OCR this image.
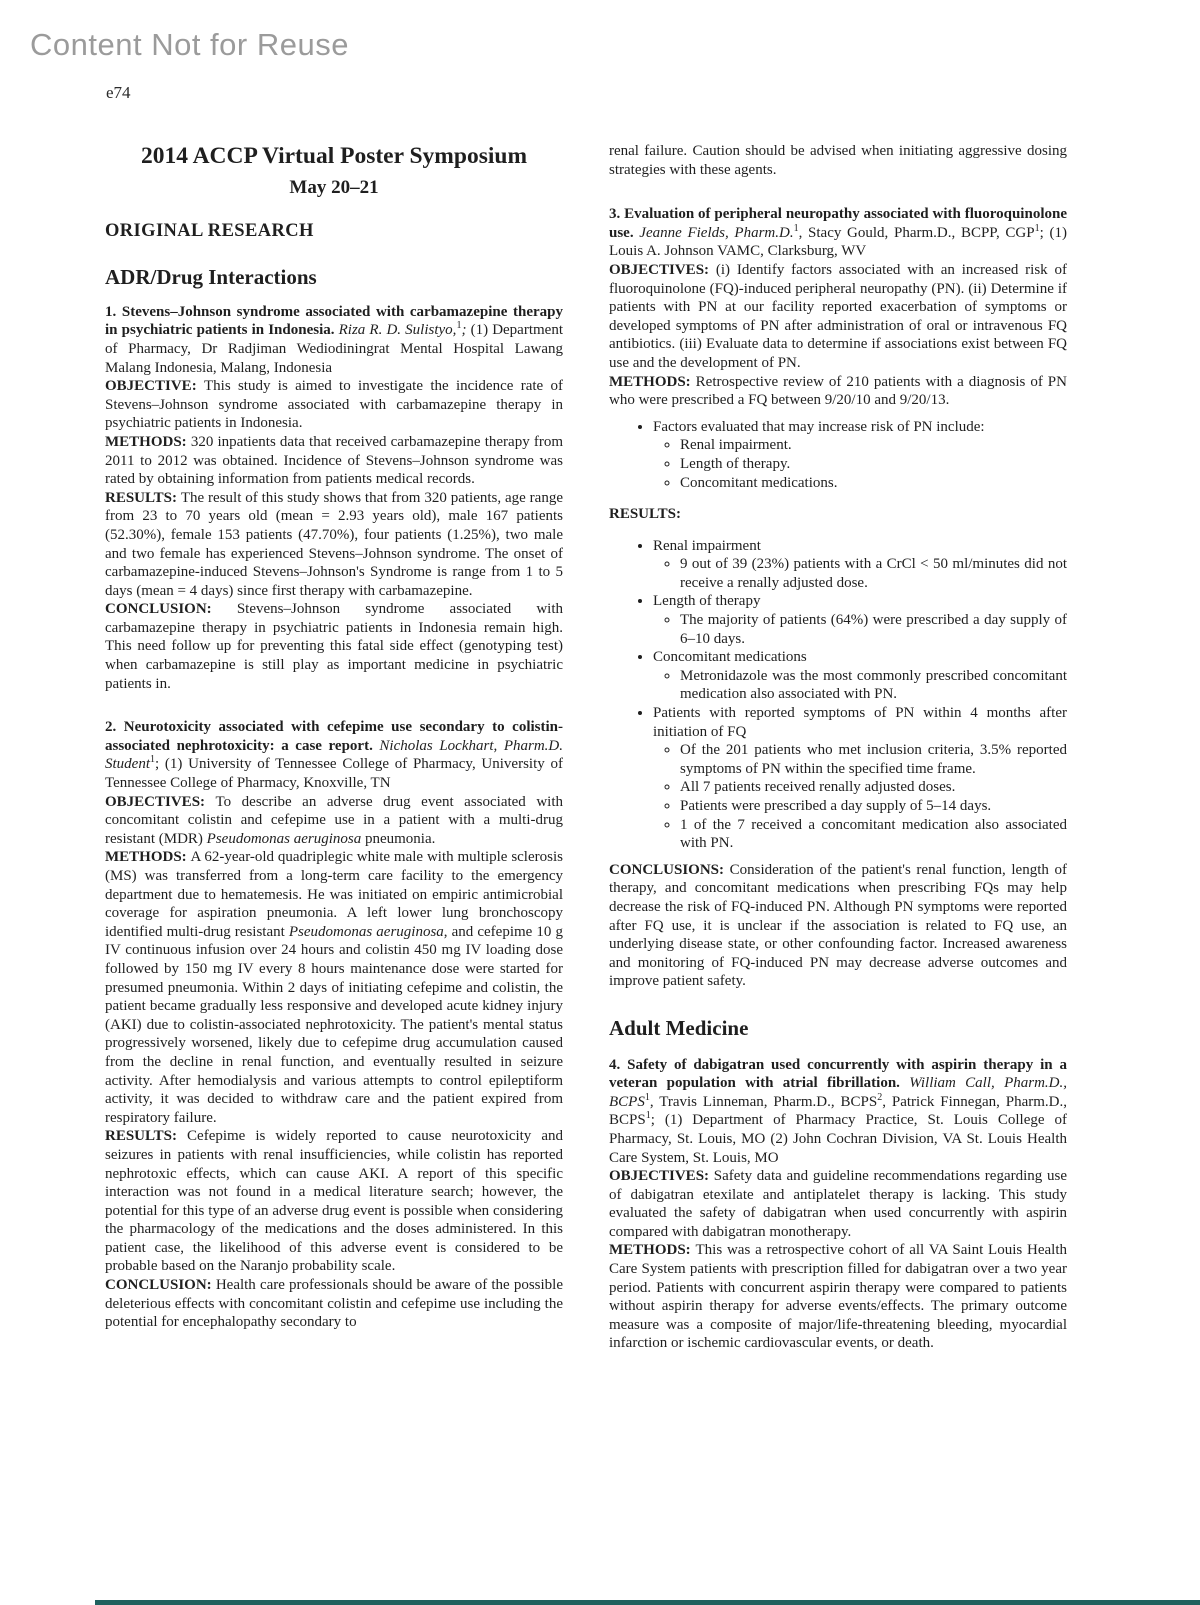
Content Not for Reuse
e74
2014 ACCP Virtual Poster Symposium
May 20–21
ORIGINAL RESEARCH
ADR/Drug Interactions

1. Stevens–Johnson syndrome associated with carbamazepine therapy in psychiatric patients in Indonesia. Riza R. D. Sulistyo,$^1$; (1) Department of Pharmacy, Dr Radjiman Wediodiningrat Mental Hospital Lawang Malang Indonesia, Malang, Indonesia

OBJECTIVE: This study is aimed to investigate the incidence rate of Stevens–Johnson syndrome associated with carbamazepine therapy in psychiatric patients in Indonesia.

METHODS: 320 inpatients data that received carbamazepine therapy from 2011 to 2012 was obtained. Incidence of Stevens–Johnson syndrome was rated by obtaining information from patients medical records.

RESULTS: The result of this study shows that from 320 patients, age range from 23 to 70 years old (mean = 2.93 years old), male 167 patients (52.30%), female 153 patients (47.70%), four patients (1.25%), two male and two female has experienced Stevens–Johnson syndrome. The onset of carbamazepine-induced Stevens–Johnson's Syndrome is range from 1 to 5 days (mean = 4 days) since first therapy with carbamazepine.

CONCLUSION: Stevens–Johnson syndrome associated with carbamazepine therapy in psychiatric patients in Indonesia remain high. This need follow up for preventing this fatal side effect (genotyping test) when carbamazepine is still play as important medicine in psychiatric patients in.

2. Neurotoxicity associated with cefepime use secondary to colistin-associated nephrotoxicity: a case report. Nicholas Lockhart, Pharm.D. Student$^1$; (1) University of Tennessee College of Pharmacy, University of Tennessee College of Pharmacy, Knoxville, TN

OBJECTIVES: To describe an adverse drug event associated with concomitant colistin and cefepime use in a patient with a multi-drug resistant (MDR) Pseudomonas aeruginosa pneumonia.

METHODS: A 62-year-old quadriplegic white male with multiple sclerosis (MS) was transferred from a long-term care facility to the emergency department due to hematemesis. He was initiated on empiric antimicrobial coverage for aspiration pneumonia. A left lower lung bronchoscopy identified multi-drug resistant Pseudomonas aeruginosa, and cefepime 10 g IV continuous infusion over 24 hours and colistin 450 mg IV loading dose followed by 150 mg IV every 8 hours maintenance dose were started for presumed pneumonia. Within 2 days of initiating cefepime and colistin, the patient became gradually less responsive and developed acute kidney injury (AKI) due to colistin-associated nephrotoxicity. The patient's mental status progressively worsened, likely due to cefepime drug accumulation caused from the decline in renal function, and eventually resulted in seizure activity. After hemodialysis and various attempts to control epileptiform activity, it was decided to withdraw care and the patient expired from respiratory failure.

RESULTS: Cefepime is widely reported to cause neurotoxicity and seizures in patients with renal insufficiencies, while colistin has reported nephrotoxic effects, which can cause AKI. A report of this specific interaction was not found in a medical literature search; however, the potential for this type of an adverse drug event is possible when considering the pharmacology of the medications and the doses administered. In this patient case, the likelihood of this adverse event is considered to be probable based on the Naranjo probability scale.

CONCLUSION: Health care professionals should be aware of the possible deleterious effects with concomitant colistin and cefepime use including the potential for encephalopathy secondary to

renal failure. Caution should be advised when initiating aggressive dosing strategies with these agents.

3. Evaluation of peripheral neuropathy associated with fluoroquinolone use. Jeanne Fields, Pharm.D.$^1$, Stacy Gould, Pharm.D., BCPP, CGP$^1$; (1) Louis A. Johnson VAMC, Clarksburg, WV

OBJECTIVES: (i) Identify factors associated with an increased risk of fluoroquinolone (FQ)-induced peripheral neuropathy (PN). (ii) Determine if patients with PN at our facility reported exacerbation of symptoms or developed symptoms of PN after administration of oral or intravenous FQ antibiotics. (iii) Evaluate data to determine if associations exist between FQ use and the development of PN.

METHODS: Retrospective review of 210 patients with a diagnosis of PN who were prescribed a FQ between 9/20/10 and 9/20/13.

• Factors evaluated that may increase risk of PN include:
◦ Renal impairment.
◦ Length of therapy.
◦ Concomitant medications.

RESULTS:

• Renal impairment
◦ 9 out of 39 (23%) patients with a CrCl < 50 ml/minutes did not receive a renally adjusted dose.
• Length of therapy
◦ The majority of patients (64%) were prescribed a day supply of 6–10 days.
• Concomitant medications
◦ Metronidazole was the most commonly prescribed concomitant medication also associated with PN.
• Patients with reported symptoms of PN within 4 months after initiation of FQ
◦ Of the 201 patients who met inclusion criteria, 3.5% reported symptoms of PN within the specified time frame.
◦ All 7 patients received renally adjusted doses.
◦ Patients were prescribed a day supply of 5–14 days.
◦ 1 of the 7 received a concomitant medication also associated with PN.

CONCLUSIONS: Consideration of the patient's renal function, length of therapy, and concomitant medications when prescribing FQs may help decrease the risk of FQ-induced PN. Although PN symptoms were reported after FQ use, it is unclear if the association is related to FQ use, an underlying disease state, or other confounding factor. Increased awareness and monitoring of FQ-induced PN may decrease adverse outcomes and improve patient safety.

Adult Medicine

4. Safety of dabigatran used concurrently with aspirin therapy in a veteran population with atrial fibrillation. William Call, Pharm.D., BCPS$^1$, Travis Linneman, Pharm.D., BCPS$^2$, Patrick Finnegan, Pharm.D., BCPS$^1$; (1) Department of Pharmacy Practice, St. Louis College of Pharmacy, St. Louis, MO (2) John Cochran Division, VA St. Louis Health Care System, St. Louis, MO

OBJECTIVES: Safety data and guideline recommendations regarding use of dabigatran etexilate and antiplatelet therapy is lacking. This study evaluated the safety of dabigatran when used concurrently with aspirin compared with dabigatran monotherapy.

METHODS: This was a retrospective cohort of all VA Saint Louis Health Care System patients with prescription filled for dabigatran over a two year period. Patients with concurrent aspirin therapy were compared to patients without aspirin therapy for adverse events/effects. The primary outcome measure was a composite of major/life-threatening bleeding, myocardial infarction or ischemic cardiovascular events, or death.
